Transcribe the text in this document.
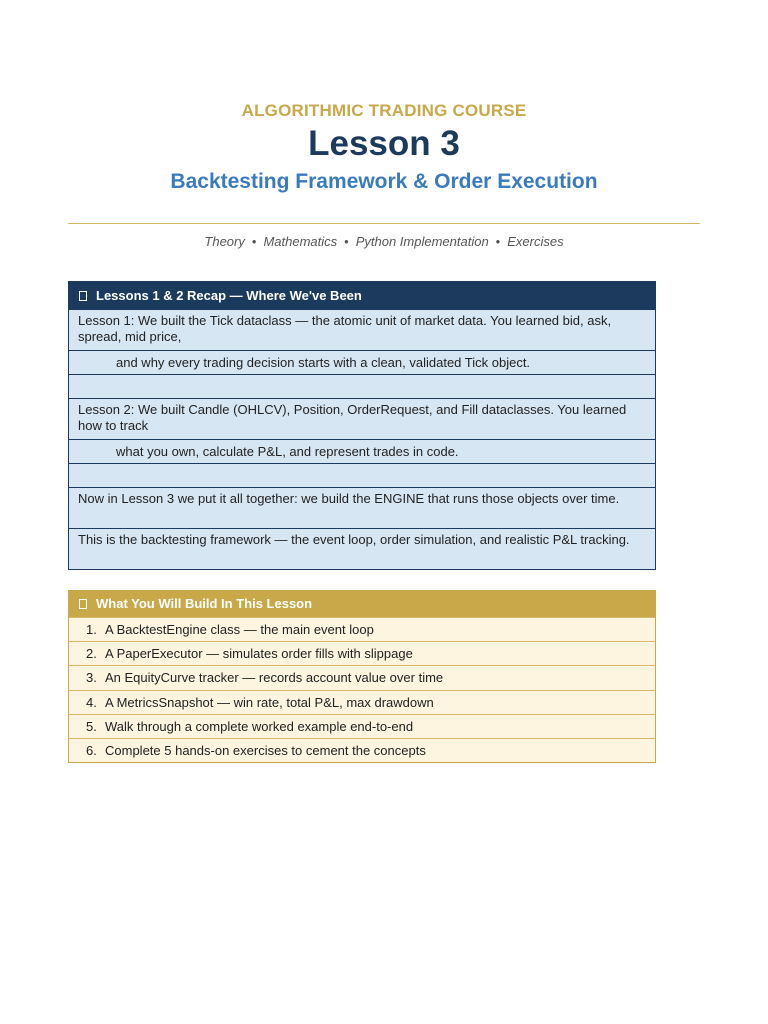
ALGORITHMIC TRADING COURSE
Lesson 3
Backtesting Framework & Order Execution
Theory • Mathematics • Python Implementation • Exercises
Lessons 1 & 2 Recap — Where We've Been
Lesson 1: We built the Tick dataclass — the atomic unit of market data. You learned bid, ask, spread, mid price,
and why every trading decision starts with a clean, validated Tick object.
Lesson 2: We built Candle (OHLCV), Position, OrderRequest, and Fill dataclasses. You learned how to track
what you own, calculate P&L, and represent trades in code.
Now in Lesson 3 we put it all together: we build the ENGINE that runs those objects over time.
This is the backtesting framework — the event loop, order simulation, and realistic P&L tracking.
What You Will Build In This Lesson
1. A BacktestEngine class — the main event loop
2. A PaperExecutor — simulates order fills with slippage
3. An EquityCurve tracker — records account value over time
4. A MetricsSnapshot — win rate, total P&L, max drawdown
5. Walk through a complete worked example end-to-end
6. Complete 5 hands-on exercises to cement the concepts
